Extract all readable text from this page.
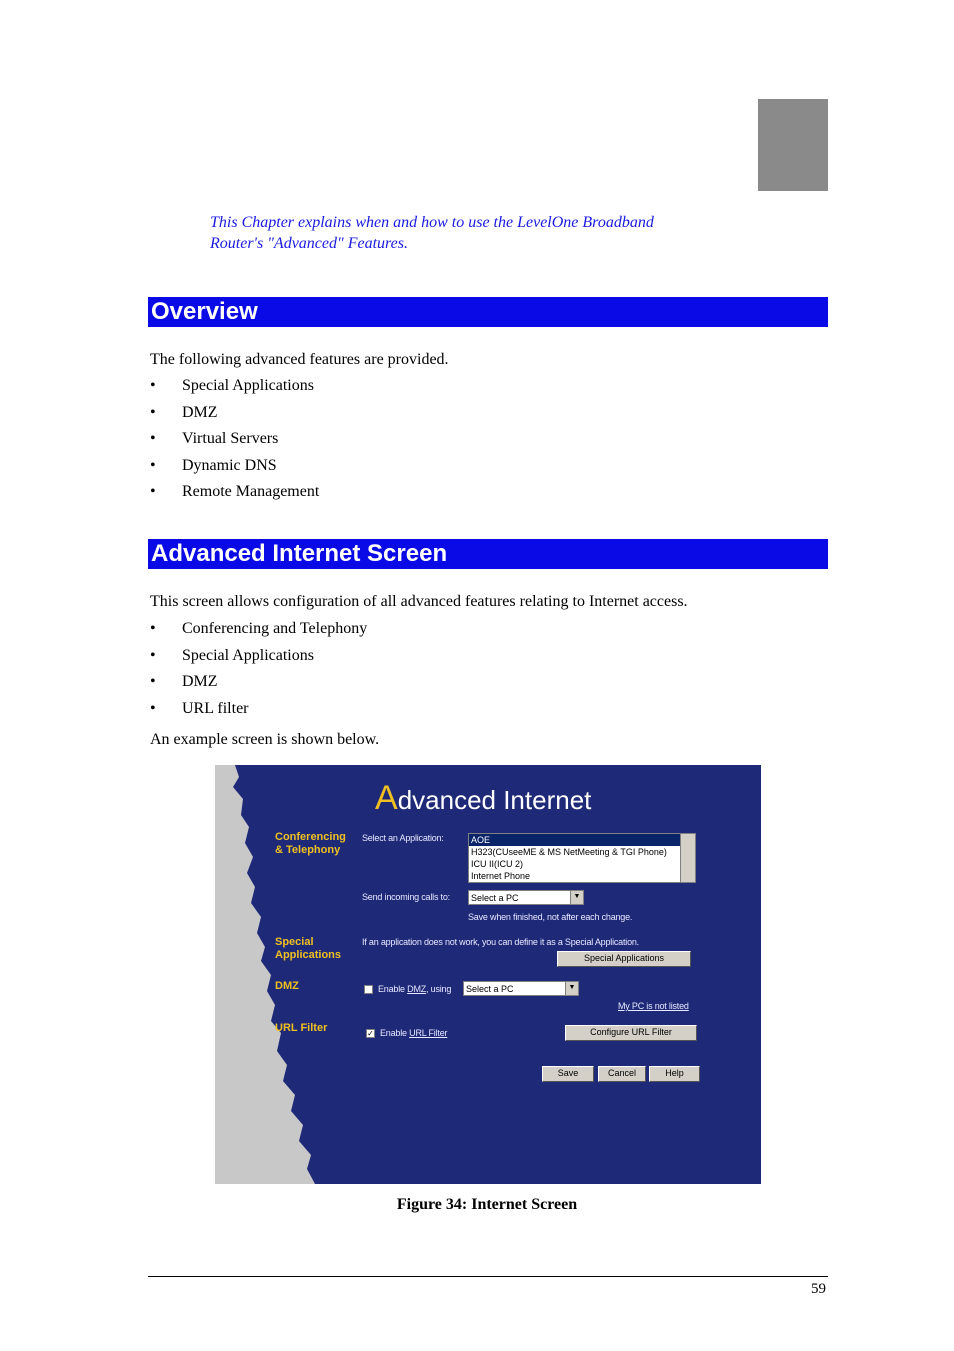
This Chapter explains when and how to use the LevelOne Broadband
Router's "Advanced" Features.
Overview
The following advanced features are provided.
• Special Applications
• DMZ
• Virtual Servers
• Dynamic DNS
• Remote Management
Advanced Internet Screen
This screen allows configuration of all advanced features relating to Internet access.
• Conferencing and Telephony
• Special Applications
• DMZ
• URL filter
An example screen is shown below.
Advanced Internet
Conferencing
& Telephony
Select an Application:	AOE
H323(CUseeME & MS NetMeeting & TGI Phone)
ICU II(ICU 2)
Internet Phone
Send incoming calls to:	Select a PC	▼
Save when finished, not after each change.
Special
Applications
If an application does not work, you can define it as a Special Application.
Special Applications
DMZ	Enable DMZ, using	Select a PC	▼
My PC is not listed
URL Filter	✓ Enable URL Filter	Configure URL Filter
Save	Cancel	Help
Figure 34: Internet Screen
59
